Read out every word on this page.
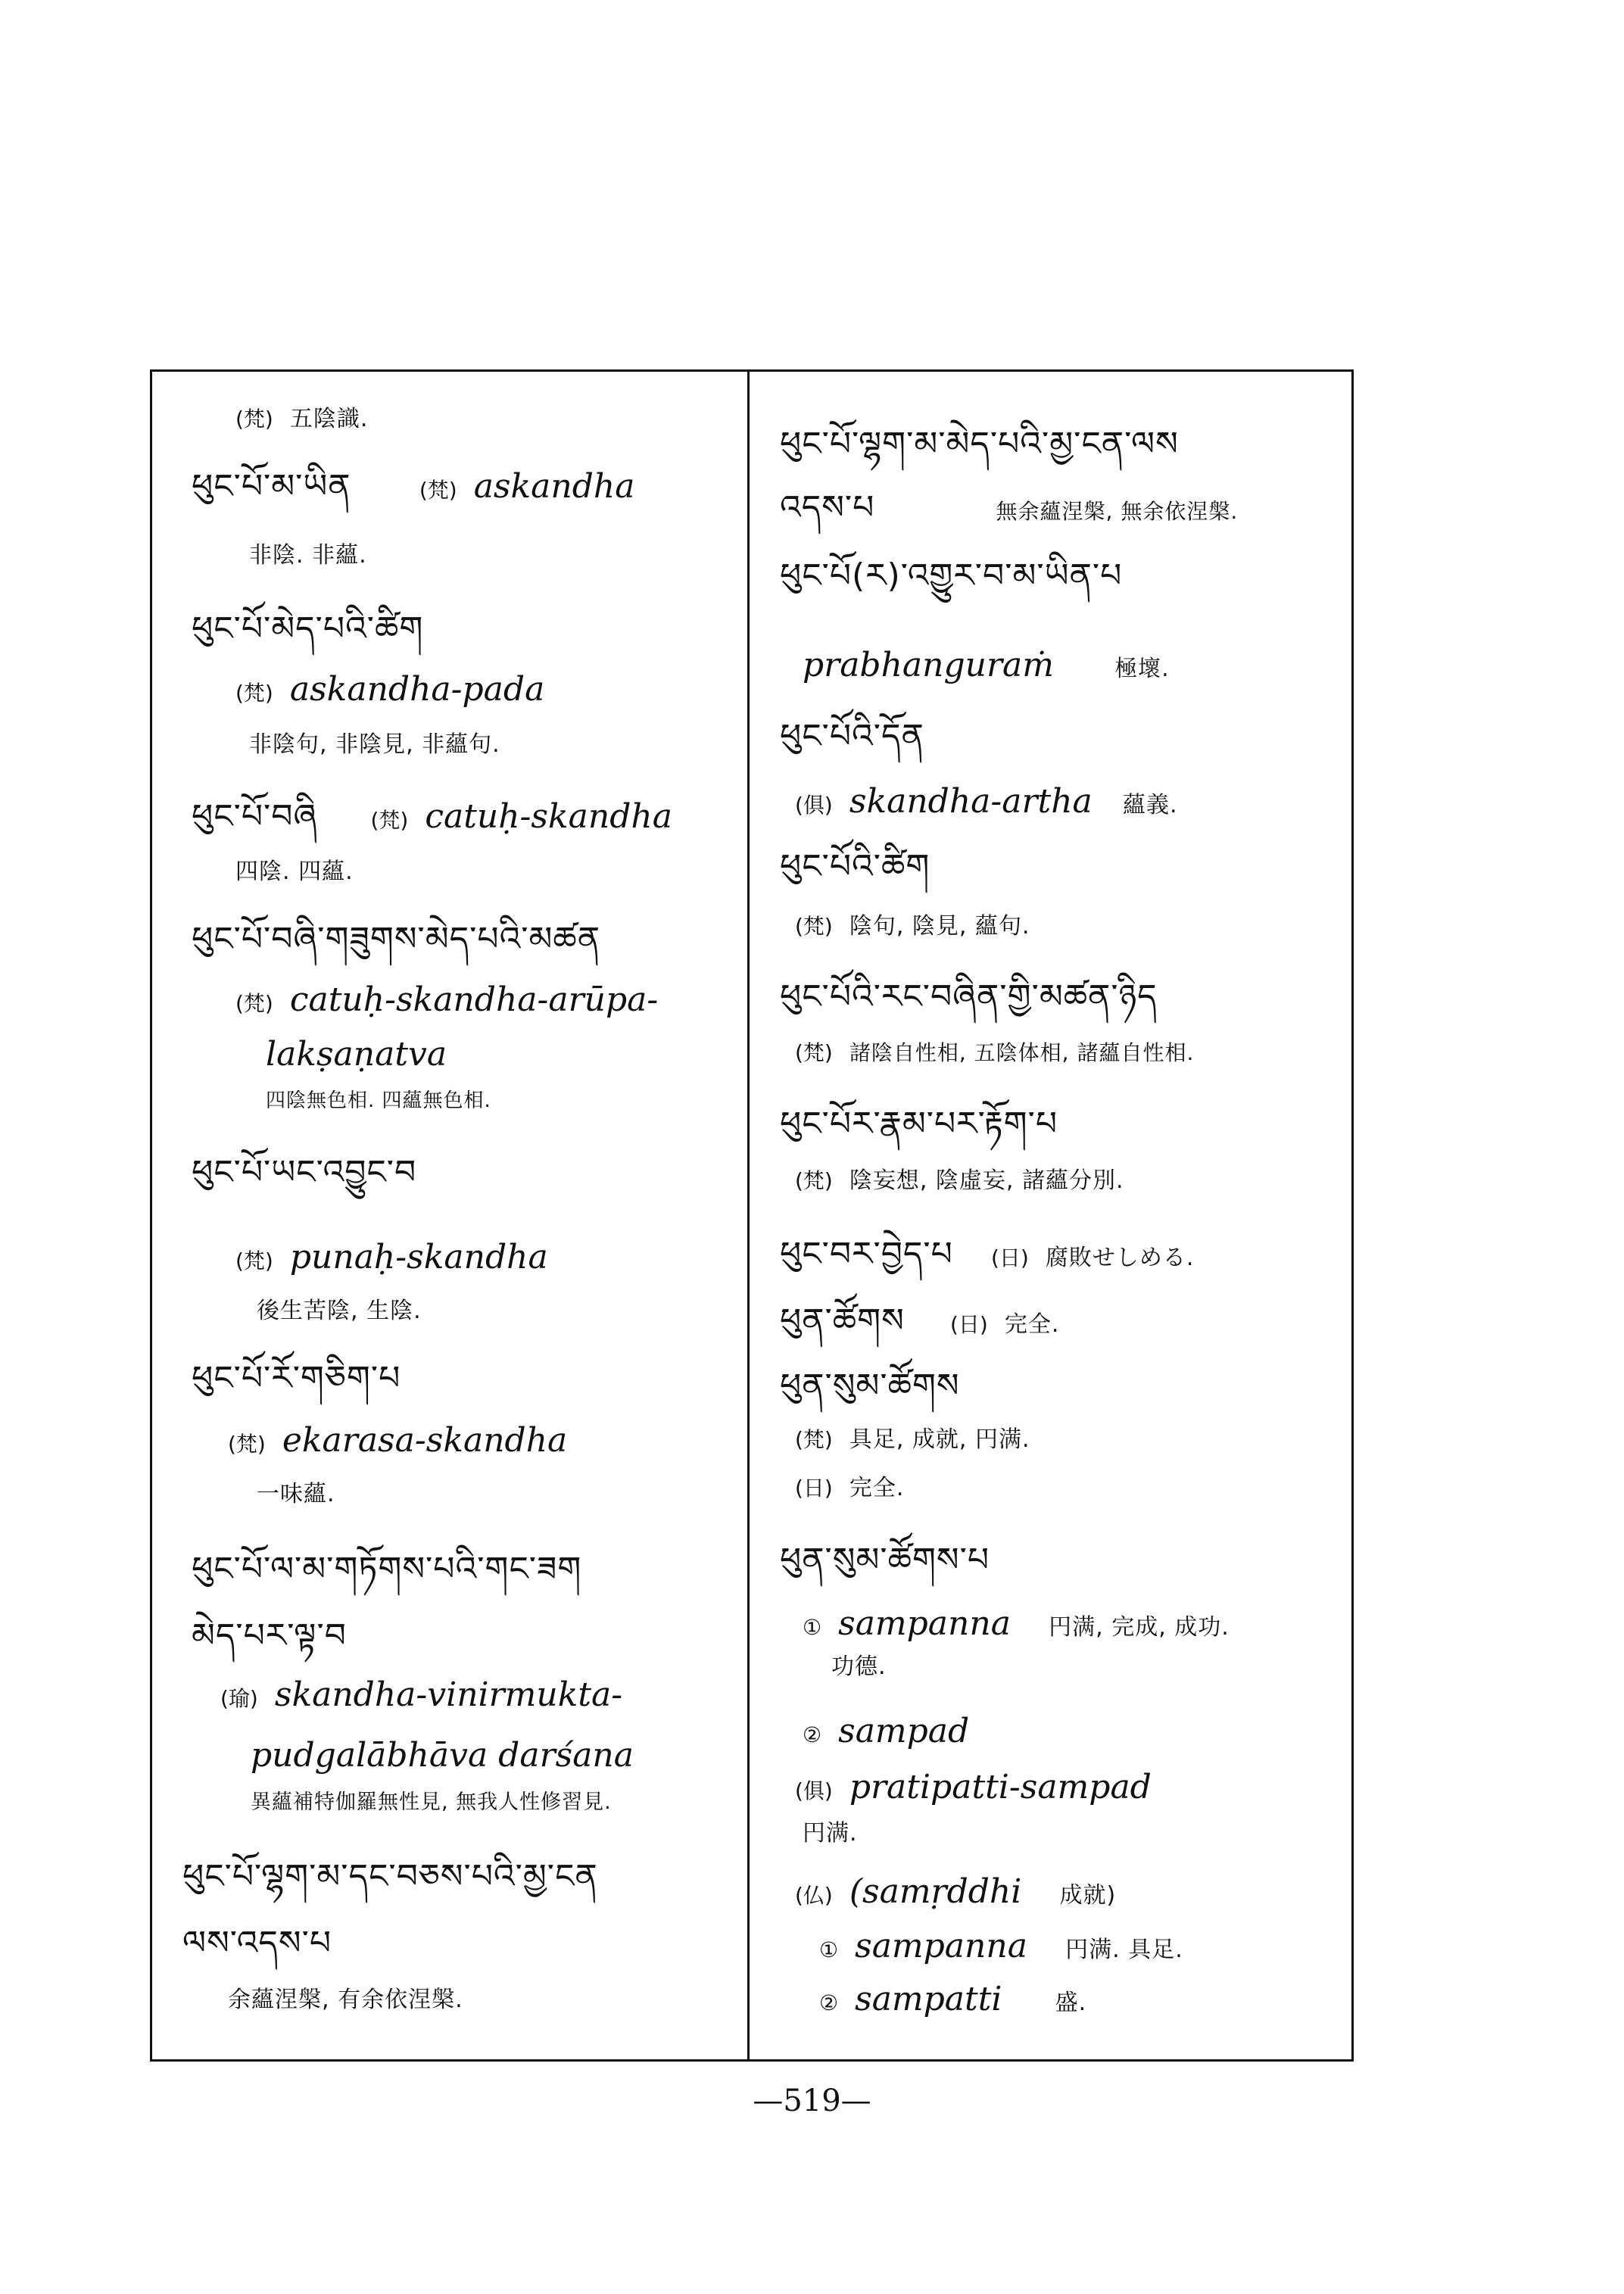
(梵) 五陰識.
ཕུང་པོ་མ་ཡིན	(梵) askandha
非陰. 非蘊.
ཕུང་པོ་མེད་པའི་ཚིག
(梵) askandha-pada
非陰句, 非陰見, 非蘊句.
ཕུང་པོ་བཞི	(梵) catuḥ-skandha
四陰. 四蘊.
ཕུང་པོ་བཞི་གཟུགས་མེད་པའི་མཚན
(梵) catuḥ-skandha-arūpa-
lakṣaṇatva
四陰無色相. 四蘊無色相.
ཕུང་པོ་ཡང་འབྱུང་བ
(梵) punaḥ-skandha
後生苦陰, 生陰.
ཕུང་པོ་རོ་གཅིག་པ
(梵) ekarasa-skandha
一味蘊.
ཕུང་པོ་ལ་མ་གཏོགས་པའི་གང་ཟག
མེད་པར་ལྟ་བ
(瑜) skandha-vinirmukta-
pudgalābhāva darśana
異蘊補特伽羅無性見, 無我人性修習見.
ཕུང་པོ་ལྷག་མ་དང་བཅས་པའི་མྱ་ངན
ལས་འདས་པ
余蘊涅槃, 有余依涅槃.
ཕུང་པོ་ལྷག་མ་མེད་པའི་མྱ་ངན་ལས
འདས་པ	無余蘊涅槃, 無余依涅槃.
ཕུང་པོ(ར)་འགྱུར་བ་མ་ཡིན་པ
prabhanguraṁ	極壞.
ཕུང་པོའི་དོན
(俱) skandha-artha 蘊義.
ཕུང་པོའི་ཚིག
(梵) 陰句, 陰見, 蘊句.
ཕུང་པོའི་རང་བཞིན་གྱི་མཚན་ཉིད
(梵) 諸陰自性相, 五陰体相, 諸蘊自性相.
ཕུང་པོར་རྣམ་པར་རྟོག་པ
(梵) 陰妄想, 陰虛妄, 諸蘊分別.
ཕུང་བར་བྱེད་པ (日) 腐敗せしめる.
ཕུན་ཚོགས (日) 完全.
ཕུན་སུམ་ཚོགས
(梵) 具足, 成就, 円满.
(日) 完全.
ཕུན་སུམ་ཚོགས་པ
① sampanna 円满, 完成, 成功.
功德.
② sampad
(俱) pratipatti-sampad
円满.
(仏) (samṛddhi 成就)
① sampanna 円满. 具足.
② sampatti 盛.
—519—
